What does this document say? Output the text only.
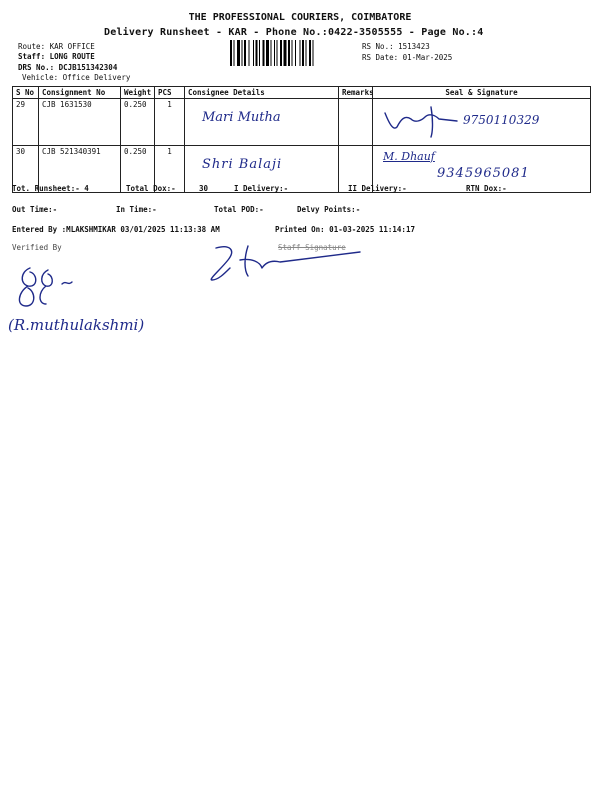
THE PROFESSIONAL COURIERS, COIMBATORE
Delivery Runsheet - KAR - Phone No.:0422-3505555 - Page No.:4
Route: KAR OFFICE
Staff: LONG ROUTE
DRS No.: DCJB151342304
Vehicle: Office Delivery
RS No.: 1513423
RS Date: 01-Mar-2025
S No	Consignment No	Weight	PCS	Consignee Details	Remarks	Seal & Signature
29	CJB 1631530	0.250	1	Mari Mutha		9750110329

30	CJB 521340391	0.250	1	Shri Balaji		M. Dhauf
9345965081
Tot. Runsheet:- 4	Total Dox:-	30	I Delivery:-	II Delivery:-	RTN Dox:-
Out Time:-	In Time:-	Total POD:-	Delvy Points:-
Entered By :MLAKSHMIKAR 03/01/2025 11:13:38 AM	Printed On: 01-03-2025 11:14:17
Verified By	Staff Signature
(R.muthulakshmi)
